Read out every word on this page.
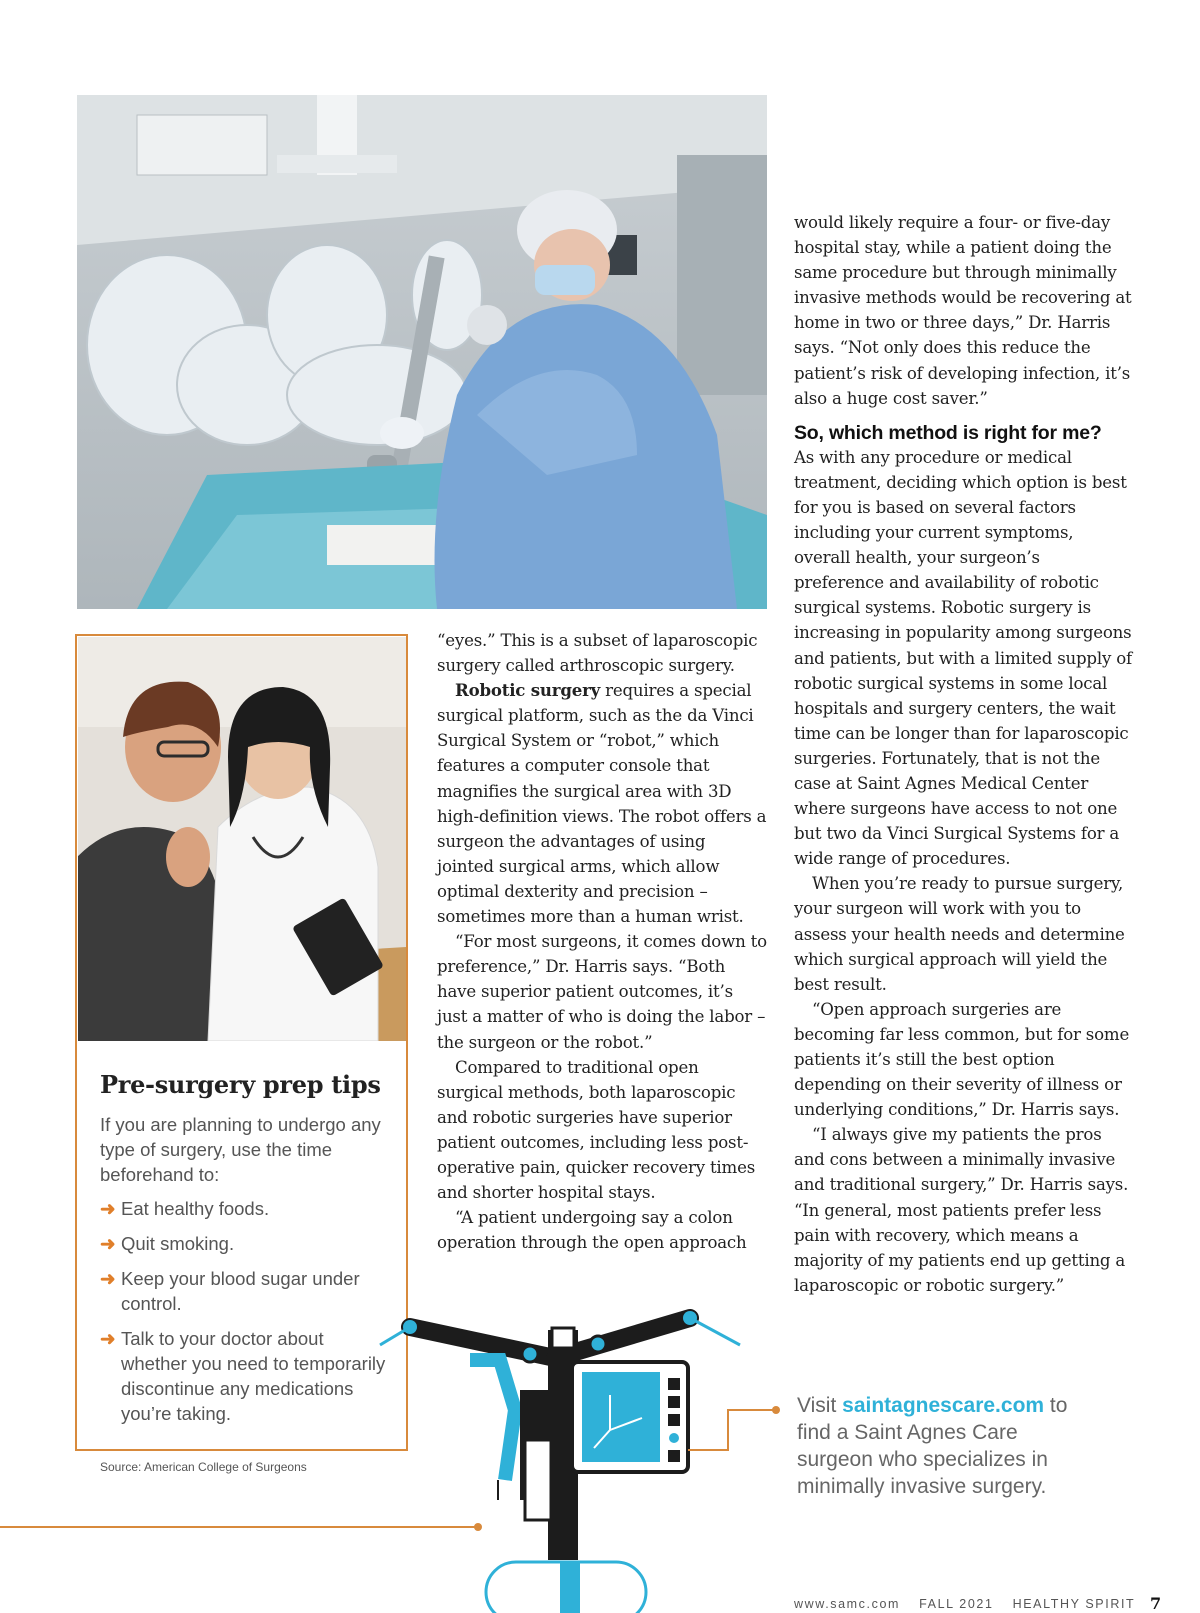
Pre-surgery prep tips
If you are planning to undergo any type of surgery, use the time beforehand to:
➜ Eat healthy foods.
➜ Quit smoking.
➜ Keep your blood sugar under control.
➜ Talk to your doctor about whether you need to temporarily discontinue any medications you’re taking.
Source: American College of Surgeons

“eyes.” This is a subset of laparoscopic surgery called arthroscopic surgery.

Robotic surgery requires a special surgical platform, such as the da Vinci Surgical System or “robot,” which features a computer console that magnifies the surgical area with 3D high-definition views. The robot offers a surgeon the advantages of using jointed surgical arms, which allow optimal dexterity and precision – sometimes more than a human wrist.

“For most surgeons, it comes down to preference,” Dr. Harris says. “Both have superior patient outcomes, it’s just a matter of who is doing the labor – the surgeon or the robot.”

Compared to traditional open surgical methods, both laparoscopic and robotic surgeries have superior patient outcomes, including less post-operative pain, quicker recovery times and shorter hospital stays.

“A patient undergoing say a colon operation through the open approach

would likely require a four- or five-day hospital stay, while a patient doing the same procedure but through minimally invasive methods would be recovering at home in two or three days,” Dr. Harris says. “Not only does this reduce the patient’s risk of developing infection, it’s also a huge cost saver.”

So, which method is right for me?

As with any procedure or medical treatment, deciding which option is best for you is based on several factors including your current symptoms, overall health, your surgeon’s preference and availability of robotic surgical systems. Robotic surgery is increasing in popularity among surgeons and patients, but with a limited supply of robotic surgical systems in some local hospitals and surgery centers, the wait time can be longer than for laparoscopic surgeries. Fortunately, that is not the case at Saint Agnes Medical Center where surgeons have access to not one but two da Vinci Surgical Systems for a wide range of procedures.

When you’re ready to pursue surgery, your surgeon will work with you to assess your health needs and determine which surgical approach will yield the best result.

“Open approach surgeries are becoming far less common, but for some patients it’s still the best option depending on their severity of illness or underlying conditions,” Dr. Harris says.

“I always give my patients the pros and cons between a minimally invasive and traditional surgery,” Dr. Harris says. “In general, most patients prefer less pain with recovery, which means a majority of my patients end up getting a laparoscopic or robotic surgery.”

Visit saintagnescare.com to find a Saint Agnes Care surgeon who specializes in minimally invasive surgery.
www.samc.com FALL 2021 HEALTHY SPIRIT 7
